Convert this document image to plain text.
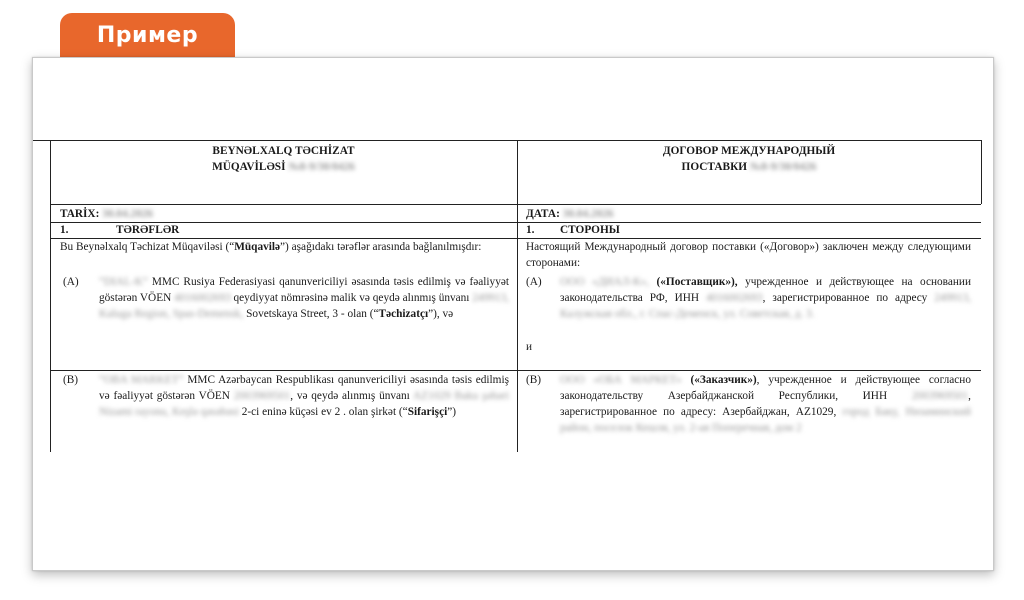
Пример
BEYNƏLXALQ TƏCHİZAT
MÜQAVİLƏSİ №8-9/30/0426
TARİX: 30.04.2026
1.	TƏRƏFLƏR
Bu Beynəlxalq Təchizat Müqaviləsi (“Müqavilə”) aşağıdakı tərəflər arasında bağlanılmışdır:
(A) “DIAL-K” MMC Rusiya Federasiyasi qanunvericiliyi əsasında təsis edilmiş və fəaliyyət göstərən VÖEN 4016002693 qeydiyyat nömrəsinə malik və qeydə alınmış ünvanı 249913, Kaluga Region, Spas-Demensk, Sovetskaya Street, 3 - olan (“Təchizatçı”), və
(B) “OBA MARKET” MMC Azərbaycan Respublikası qanunvericiliyi əsasında təsis edilmiş və fəaliyyət göstərən VÖEN 2003969501, və qeydə alınmış ünvanı AZ1029 Baku şəhəri Nizami rayonu, Keşlə qəsəbəsi 2-ci eninə küçəsi ev 2 . olan şirkət (“Sifarişçi”)
ДОГОВОР МЕЖДУНАРОДНЫЙ
ПОСТАВКИ №8-9/30/0426
ДАТА: 30.04.2026
1. СТОРОНЫ
Настоящий Международный договор поставки («Договор») заключен между следующими сторонами:
(A) ООО «ДИАЛ-К», («Поставщик»), учрежденное и действующее на основании законодательства РФ, ИНН 4016002693, зарегистрированное по адресу 249913, Калужская обл., г. Спас-Деменск, ул. Советская, д. 3.
и
(B) ООО «ОБА МАРКЕТ» («Заказчик»), учрежденное и действующее согласно законодательству Азербайджанской Республики, ИНН 2003969501, зарегистрированное по адресу: Азербайджан, AZ1029, город Баку, Низаминский район, поселок Кешля, ул. 2-ая Поперечная, дом 2
